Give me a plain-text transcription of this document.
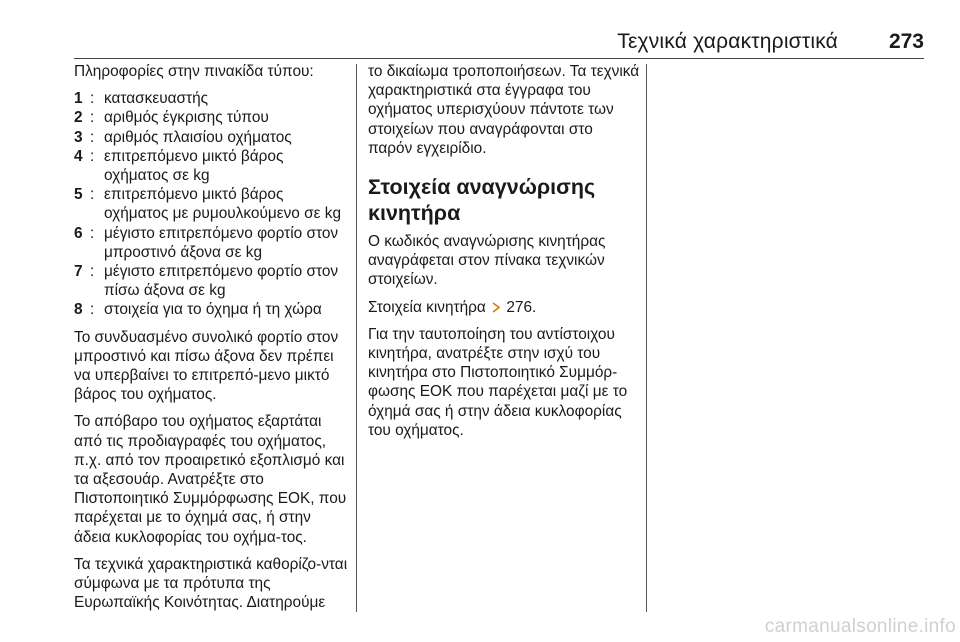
Τεχνικά χαρακτηριστικά 273

Πληροφορίες στην πινακίδα τύπου:

1 : κατασκευαστής
2 : αριθμός έγκρισης τύπου
3 : αριθμός πλαισίου οχήματος
4 : επιτρεπόμενο μικτό βάρος οχήματος σε kg
5 : επιτρεπόμενο μικτό βάρος οχήματος με ρυμουλκούμενο σε kg
6 : μέγιστο επιτρεπόμενο φορτίο στον μπροστινό άξονα σε kg
7 : μέγιστο επιτρεπόμενο φορτίο στον πίσω άξονα σε kg
8 : στοιχεία για το όχημα ή τη χώρα

Το συνδυασμένο συνολικό φορτίο στον μπροστινό και πίσω άξονα δεν πρέπει να υπερβαίνει το επιτρεπό-μενο μικτό βάρος του οχήματος.

Το απόβαρο του οχήματος εξαρτάται από τις προδιαγραφές του οχήματος, π.χ. από τον προαιρετικό εξοπλισμό και τα αξεσουάρ. Ανατρέξτε στο Πιστοποιητικό Συμμόρφωσης ΕΟΚ, που παρέχεται με το όχημά σας, ή στην άδεια κυκλοφορίας του οχήμα-τος.

Τα τεχνικά χαρακτηριστικά καθορίζο-νται σύμφωνα με τα πρότυπα της Ευρωπαϊκής Κοινότητας. Διατηρούμε

το δικαίωμα τροποποιήσεων. Τα τεχνικά χαρακτηριστικά στα έγγραφα του οχήματος υπερισχύουν πάντοτε των στοιχείων που αναγράφονται στο παρόν εγχειρίδιο.

Στοιχεία αναγνώρισης κινητήρα

Ο κωδικός αναγνώρισης κινητήρας αναγράφεται στον πίνακα τεχνικών στοιχείων.

Στοιχεία κινητήρα 276.

Για την ταυτοποίηση του αντίστοιχου κινητήρα, ανατρέξτε στην ισχύ του κινητήρα στο Πιστοποιητικό Συμμόρ-φωσης ΕΟΚ που παρέχεται μαζί με το όχημά σας ή στην άδεια κυκλοφορίας του οχήματος.

carmanualsonline.info
